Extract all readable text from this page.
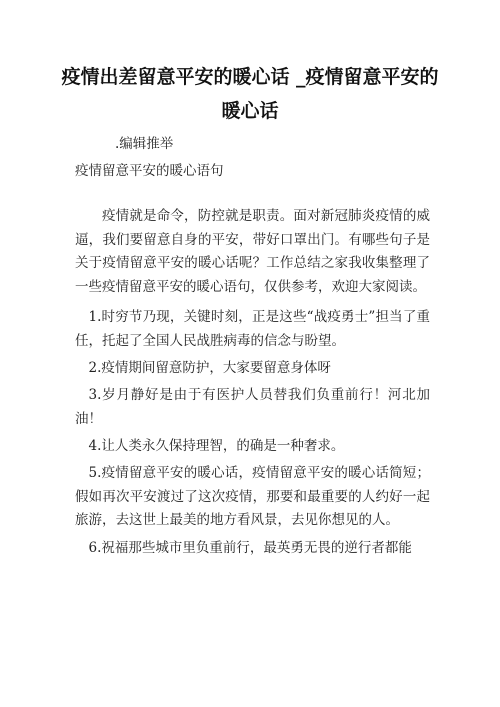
疫情出差留意平安的暖心话 _疫情留意平安的暖心话
.编辑推举
疫情留意平安的暖心语句

疫情就是命令，防控就是职责。面对新冠肺炎疫情的威逼，我们要留意自身的平安，带好口罩出门。有哪些句子是关于疫情留意平安的暖心话呢？工作总结之家我收集整理了一些疫情留意平安的暖心语句，仅供参考，欢迎大家阅读。

1.时穷节乃现，关键时刻，正是这些“战疫勇士”担当了重任，托起了全国人民战胜病毒的信念与盼望。

2.疫情期间留意防护，大家要留意身体呀

3.岁月静好是由于有医护人员替我们负重前行！河北加油！

4.让人类永久保持理智，的确是一种奢求。

5.疫情留意平安的暖心话，疫情留意平安的暖心话简短；假如再次平安渡过了这次疫情，那要和最重要的人约好一起旅游，去这世上最美的地方看风景，去见你想见的人。

6.祝福那些城市里负重前行，最英勇无畏的逆行者都能
